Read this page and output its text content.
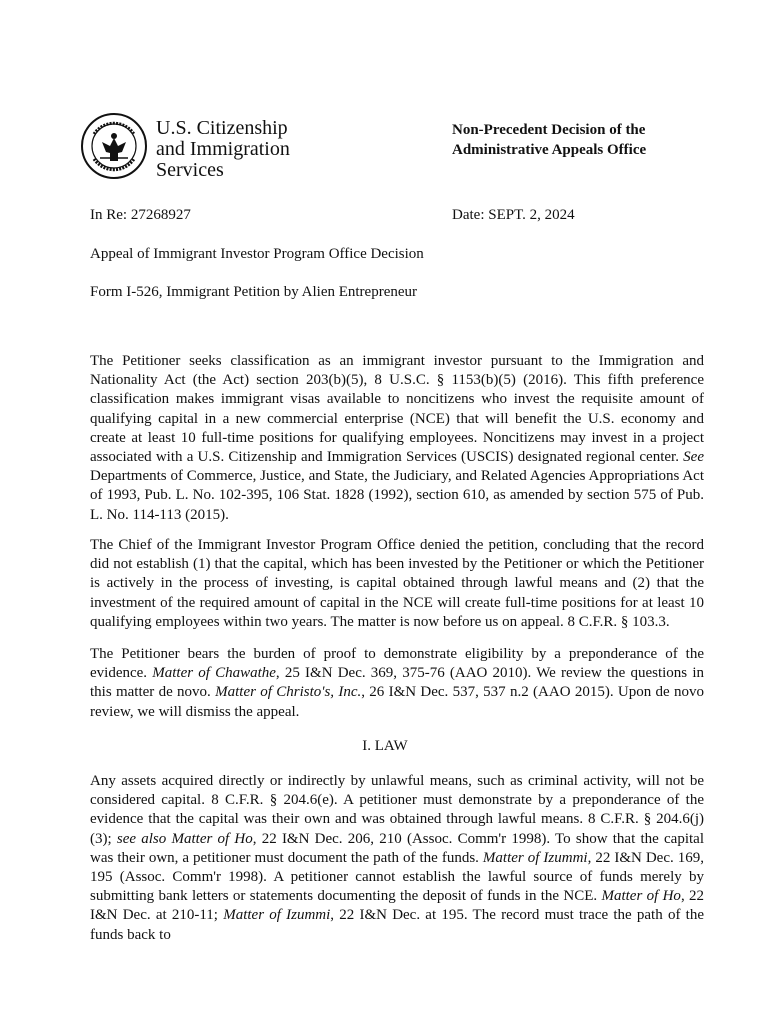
U.S. Citizenship
and Immigration
Services
Non-Precedent Decision of the
Administrative Appeals Office
In Re: 27268927	Date: SEPT. 2, 2024
Appeal of Immigrant Investor Program Office Decision
Form I-526, Immigrant Petition by Alien Entrepreneur

The Petitioner seeks classification as an immigrant investor pursuant to the Immigration and Nationality Act (the Act) section 203(b)(5), 8 U.S.C. § 1153(b)(5) (2016). This fifth preference classification makes immigrant visas available to noncitizens who invest the requisite amount of qualifying capital in a new commercial enterprise (NCE) that will benefit the U.S. economy and create at least 10 full-time positions for qualifying employees. Noncitizens may invest in a project associated with a U.S. Citizenship and Immigration Services (USCIS) designated regional center. See Departments of Commerce, Justice, and State, the Judiciary, and Related Agencies Appropriations Act of 1993, Pub. L. No. 102-395, 106 Stat. 1828 (1992), section 610, as amended by section 575 of Pub. L. No. 114-113 (2015).

The Chief of the Immigrant Investor Program Office denied the petition, concluding that the record did not establish (1) that the capital, which has been invested by the Petitioner or which the Petitioner is actively in the process of investing, is capital obtained through lawful means and (2) that the investment of the required amount of capital in the NCE will create full-time positions for at least 10 qualifying employees within two years. The matter is now before us on appeal. 8 C.F.R. § 103.3.

The Petitioner bears the burden of proof to demonstrate eligibility by a preponderance of the evidence. Matter of Chawathe, 25 I&N Dec. 369, 375-76 (AAO 2010). We review the questions in this matter de novo. Matter of Christo's, Inc., 26 I&N Dec. 537, 537 n.2 (AAO 2015). Upon de novo review, we will dismiss the appeal.

I. LAW

Any assets acquired directly or indirectly by unlawful means, such as criminal activity, will not be considered capital. 8 C.F.R. § 204.6(e). A petitioner must demonstrate by a preponderance of the evidence that the capital was their own and was obtained through lawful means. 8 C.F.R. § 204.6(j)(3); see also Matter of Ho, 22 I&N Dec. 206, 210 (Assoc. Comm'r 1998). To show that the capital was their own, a petitioner must document the path of the funds. Matter of Izummi, 22 I&N Dec. 169, 195 (Assoc. Comm'r 1998). A petitioner cannot establish the lawful source of funds merely by submitting bank letters or statements documenting the deposit of funds in the NCE. Matter of Ho, 22 I&N Dec. at 210-11; Matter of Izummi, 22 I&N Dec. at 195. The record must trace the path of the funds back to
